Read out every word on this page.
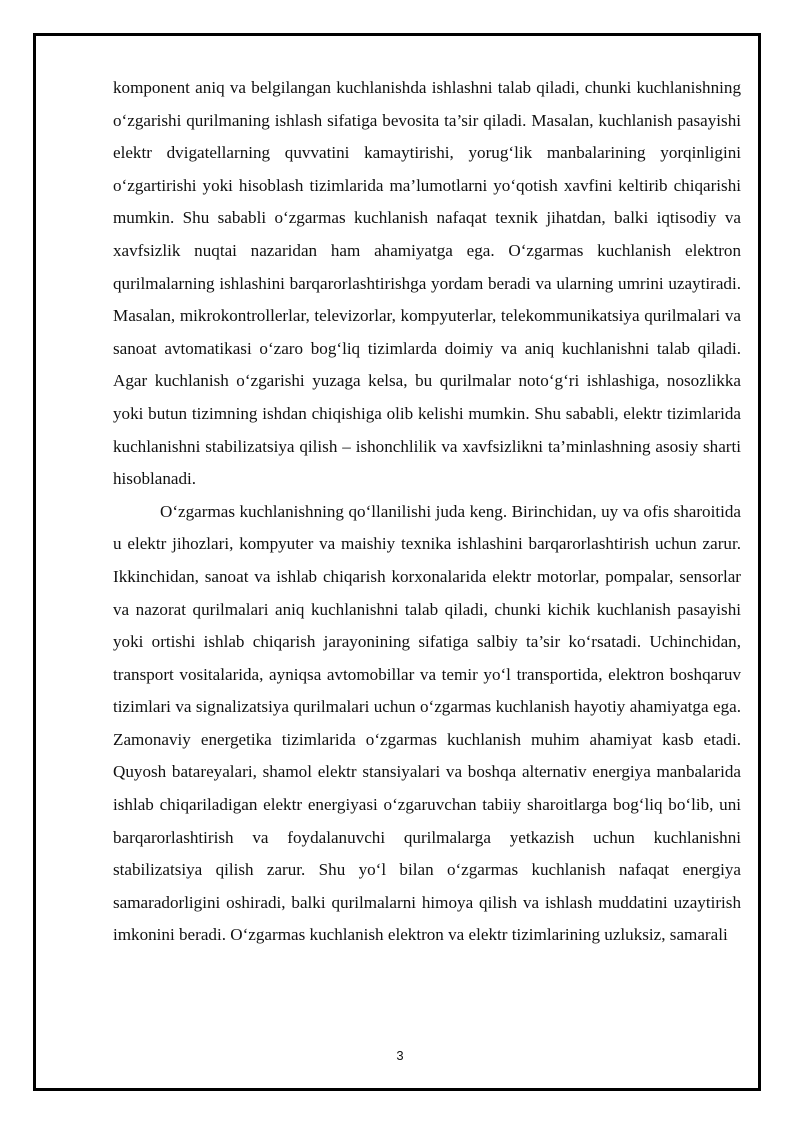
komponent aniq va belgilangan kuchlanishda ishlashni talab qiladi, chunki kuchlanishning o‘zgarishi qurilmaning ishlash sifatiga bevosita ta’sir qiladi. Masalan, kuchlanish pasayishi elektr dvigatellarning quvvatini kamaytirishi, yorug‘lik manbalarining yorqinligini o‘zgartirishi yoki hisoblash tizimlarida ma’lumotlarni yo‘qotish xavfini keltirib chiqarishi mumkin. Shu sababli o‘zgarmas kuchlanish nafaqat texnik jihatdan, balki iqtisodiy va xavfsizlik nuqtai nazaridan ham ahamiyatga ega. O‘zgarmas kuchlanish elektron qurilmalarning ishlashini barqarorlashtirishga yordam beradi va ularning umrini uzaytiradi. Masalan, mikrokontrollerlar, televizorlar, kompyuterlar, telekommunikatsiya qurilmalari va sanoat avtomatikasi o‘zaro bog‘liq tizimlarda doimiy va aniq kuchlanishni talab qiladi. Agar kuchlanish o‘zgarishi yuzaga kelsa, bu qurilmalar noto‘g‘ri ishlashiga, nosozlikka yoki butun tizimning ishdan chiqishiga olib kelishi mumkin. Shu sababli, elektr tizimlarida kuchlanishni stabilizatsiya qilish – ishonchlilik va xavfsizlikni ta’minlashning asosiy sharti hisoblanadi.

O‘zgarmas kuchlanishning qo‘llanilishi juda keng. Birinchidan, uy va ofis sharoitida u elektr jihozlari, kompyuter va maishiy texnika ishlashini barqarorlashtirish uchun zarur. Ikkinchidan, sanoat va ishlab chiqarish korxonalarida elektr motorlar, pompalar, sensorlar va nazorat qurilmalari aniq kuchlanishni talab qiladi, chunki kichik kuchlanish pasayishi yoki ortishi ishlab chiqarish jarayonining sifatiga salbiy ta’sir ko‘rsatadi. Uchinchidan, transport vositalarida, ayniqsa avtomobillar va temir yo‘l transportida, elektron boshqaruv tizimlari va signalizatsiya qurilmalari uchun o‘zgarmas kuchlanish hayotiy ahamiyatga ega. Zamonaviy energetika tizimlarida o‘zgarmas kuchlanish muhim ahamiyat kasb etadi. Quyosh batareyalari, shamol elektr stansiyalari va boshqa alternativ energiya manbalarida ishlab chiqariladigan elektr energiyasi o‘zgaruvchan tabiiy sharoitlarga bog‘liq bo‘lib, uni barqarorlashtirish va foydalanuvchi qurilmalarga yetkazish uchun kuchlanishni stabilizatsiya qilish zarur. Shu yo‘l bilan o‘zgarmas kuchlanish nafaqat energiya samaradorligini oshiradi, balki qurilmalarni himoya qilish va ishlash muddatini uzaytirish imkonini beradi. O‘zgarmas kuchlanish elektron va elektr tizimlarining uzluksiz, samarali

3
